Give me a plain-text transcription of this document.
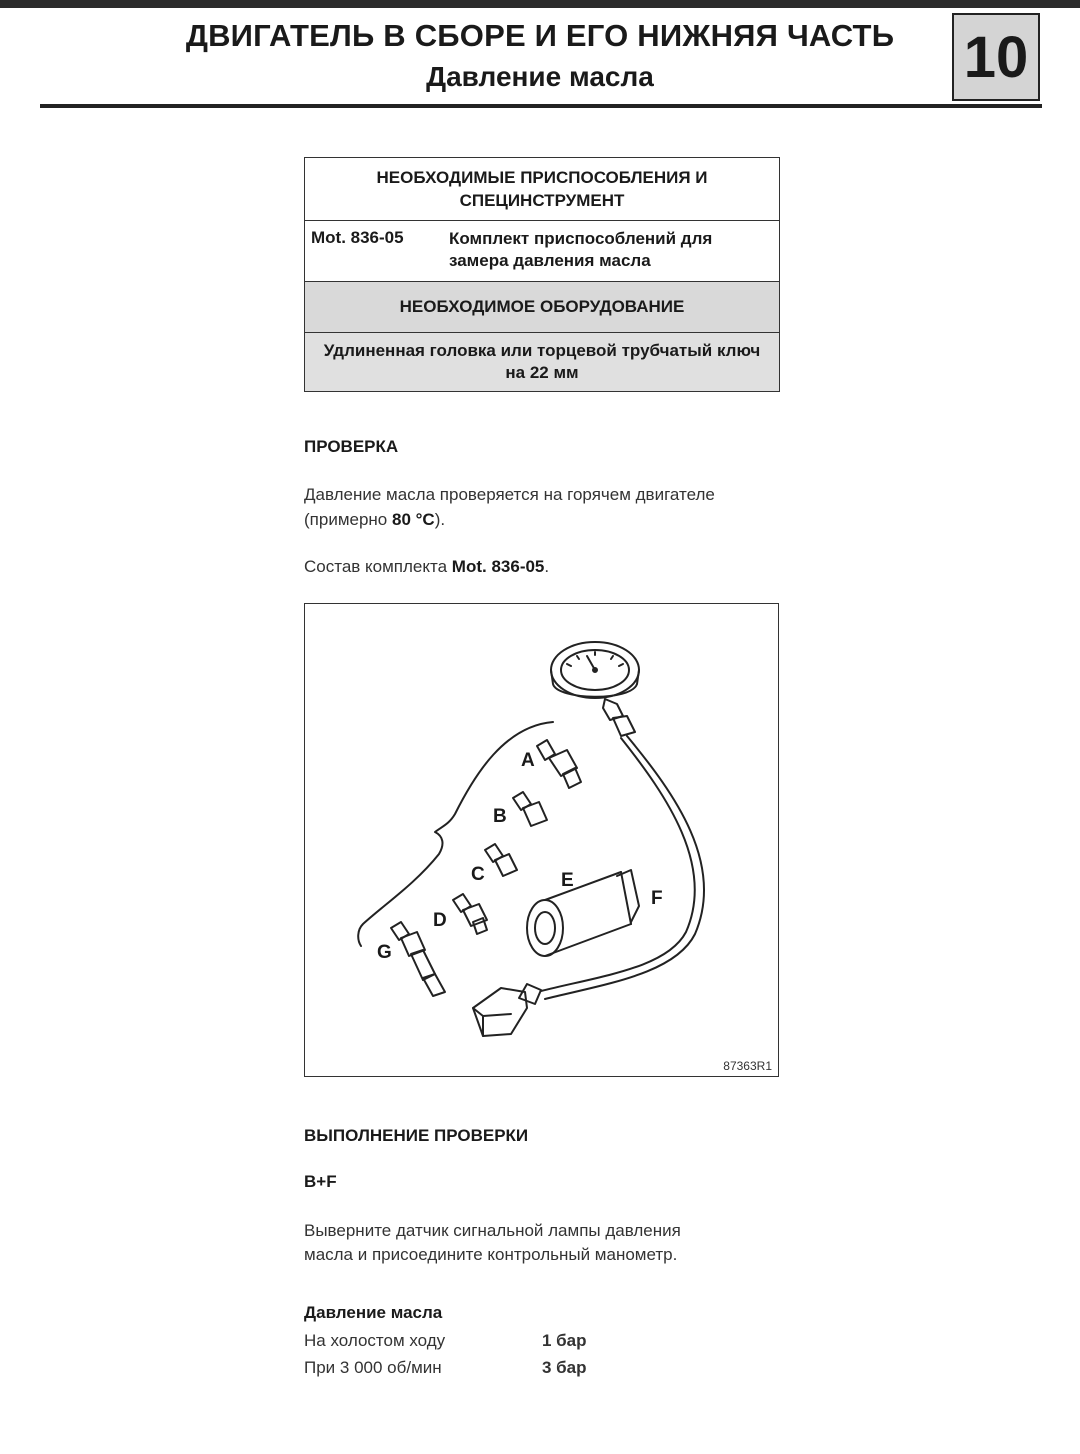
ДВИГАТЕЛЬ В СБОРЕ И ЕГО НИЖНЯЯ ЧАСТЬ
Давление масла	10
НЕОБХОДИМЫЕ ПРИСПОСОБЛЕНИЯ И СПЕЦИНСТРУМЕНТ
Mot. 836-05	Комплект приспособлений для замера давления масла
НЕОБХОДИМОЕ ОБОРУДОВАНИЕ
Удлиненная головка или торцевой трубчатый ключ на 22 мм
ПРОВЕРКА
Давление масла проверяется на горячем двигателе
(примерно 80 °C).
Состав комплекта Mot. 836-05.
A
B
C
D
E
F
G
87363R1
ВЫПОЛНЕНИЕ ПРОВЕРКИ
B+F
Выверните датчик сигнальной лампы давления
масла и присоедините контрольный манометр.
Давление масла
На холостом ходу	1 бар
При 3 000 об/мин	3 бар
